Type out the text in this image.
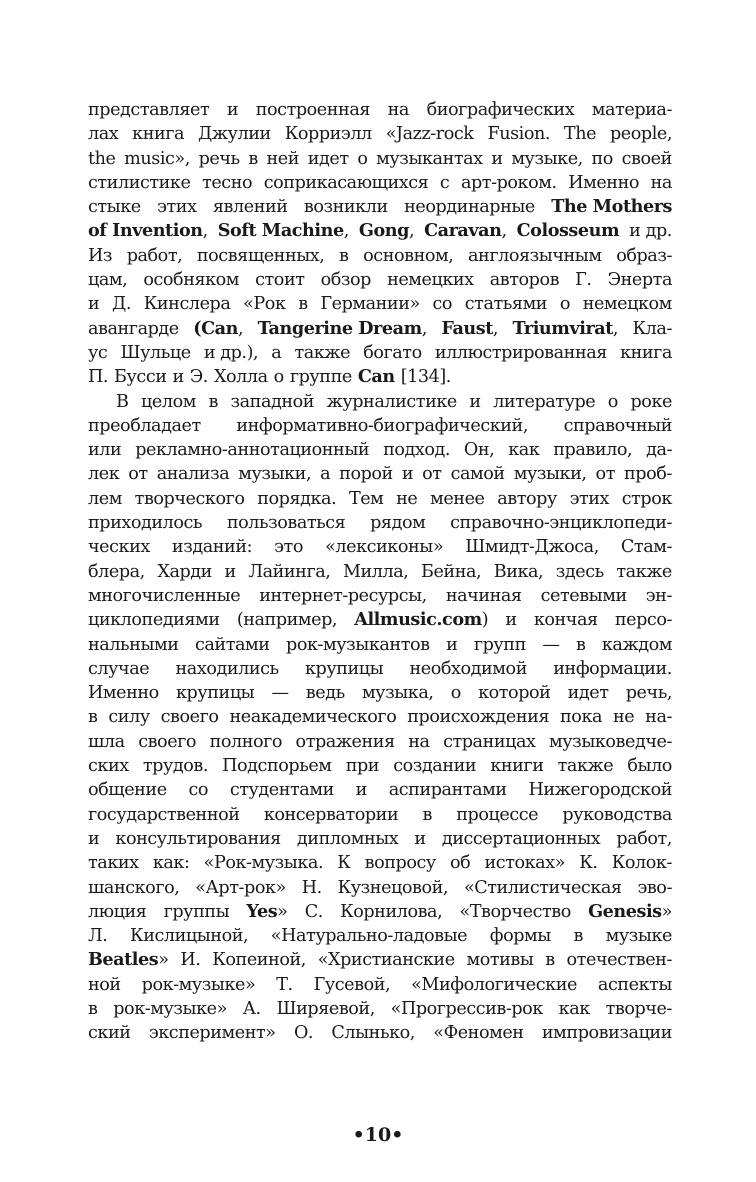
представляет и построенная на биографических материа-
лах книга Джулии Корриэлл «Jazz-rock Fusion. The people,
the music», речь в ней идет о музыкантах и музыке, по своей
стилистике тесно соприкасающихся с арт-роком. Именно на
стыке этих явлений возникли неординарные The Mothers
of Invention, Soft Machine, Gong, Caravan, Colosseum и др.
Из работ, посвященных, в основном, англоязычным образ-
цам, особняком стоит обзор немецких авторов Г. Энерта
и Д. Кинслера «Рок в Германии» со статьями о немецком
авангарде (Can, Tangerine Dream, Faust, Triumvirat, Кла-
ус Шульце и др.), а также богато иллюстрированная книга
П. Бусси и Э. Холла о группе Can [134].
В целом в западной журналистике и литературе о роке
преобладает информативно-биографический, справочный
или рекламно-аннотационный подход. Он, как правило, да-
лек от анализа музыки, а порой и от самой музыки, от проб-
лем творческого порядка. Тем не менее автору этих строк
приходилось пользоваться рядом справочно-энциклопеди-
ческих изданий: это «лексиконы» Шмидт-Джоса, Стам-
блера, Харди и Лайинга, Милла, Бейна, Вика, здесь также
многочисленные интернет-ресурсы, начиная сетевыми эн-
циклопедиями (например, Allmusic.com) и кончая персо-
нальными сайтами рок-музыкантов и групп — в каждом
случае находились крупицы необходимой информации.
Именно крупицы — ведь музыка, о которой идет речь,
в силу своего неакадемического происхождения пока не на-
шла своего полного отражения на страницах музыковедче-
ских трудов. Подспорьем при создании книги также было
общение со студентами и аспирантами Нижегородской
государственной консерватории в процессе руководства
и консультирования дипломных и диссертационных работ,
таких как: «Рок-музыка. К вопросу об истоках» К. Колок-
шанского, «Арт-рок» Н. Кузнецовой, «Стилистическая эво-
люция группы Yes» С. Корнилова, «Творчество Genesis»
Л. Кислицыной, «Натурально-ладовые формы в музыке
Beatles» И. Копеиной, «Христианские мотивы в отечествен-
ной рок-музыке» Т. Гусевой, «Мифологические аспекты
в рок-музыке» А. Ширяевой, «Прогрессив-рок как творче-
ский эксперимент» О. Слынько, «Феномен импровизации
•10•
